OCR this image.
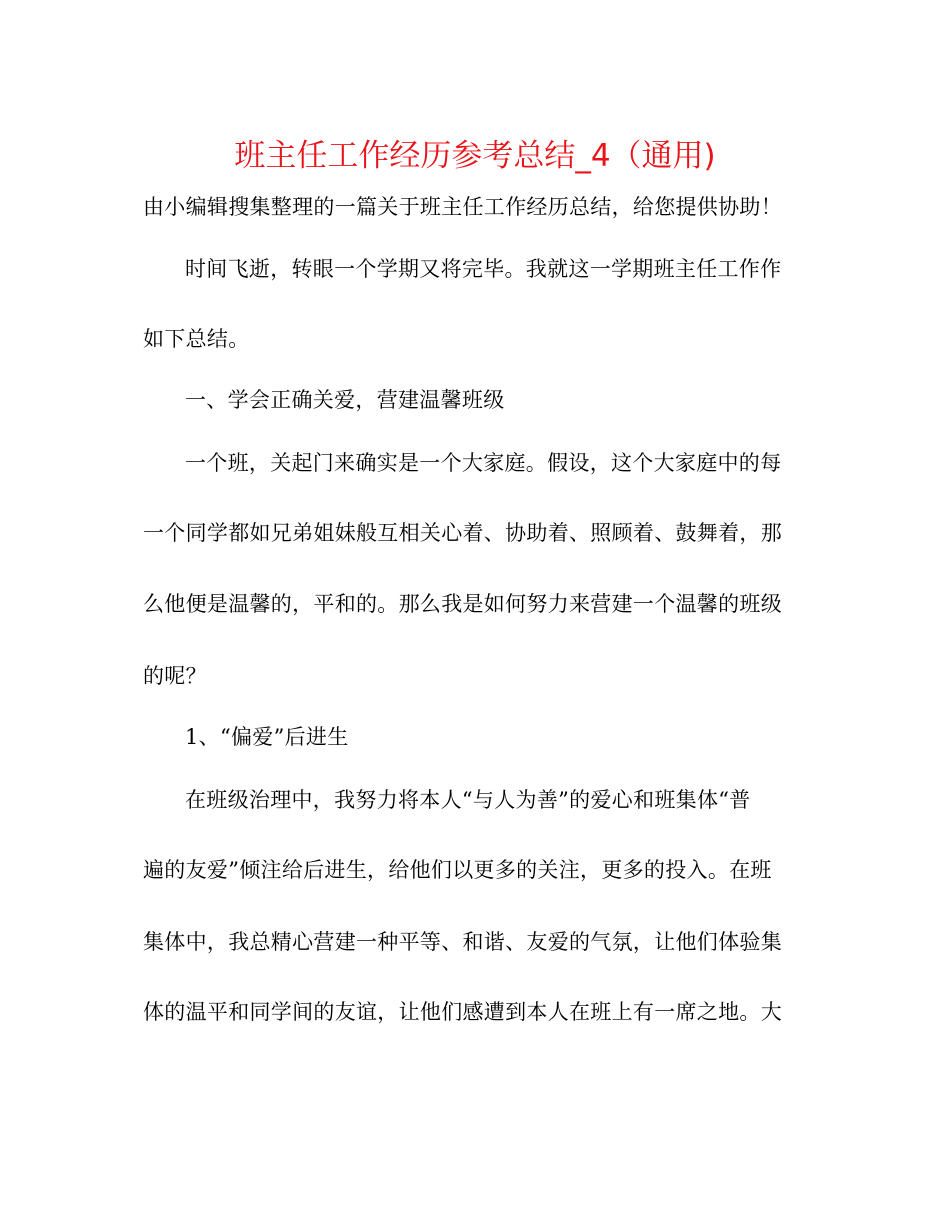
班主任工作经历参考总结_4（通用)
由小编辑搜集整理的一篇关于班主任工作经历总结，给您提供协助！
时间飞逝，转眼一个学期又将完毕。我就这一学期班主任工作作
如下总结。
一、学会正确关爱，营建温馨班级
一个班，关起门来确实是一个大家庭。假设，这个大家庭中的每
一个同学都如兄弟姐妹般互相关心着、协助着、照顾着、鼓舞着，那
么他便是温馨的，平和的。那么我是如何努力来营建一个温馨的班级
的呢？
1、“偏爱”后进生
在班级治理中，我努力将本人“与人为善”的爱心和班集体“普
遍的友爱”倾注给后进生，给他们以更多的关注，更多的投入。在班
集体中，我总精心营建一种平等、和谐、友爱的气氛，让他们体验集
体的温平和同学间的友谊，让他们感遭到本人在班上有一席之地。大
